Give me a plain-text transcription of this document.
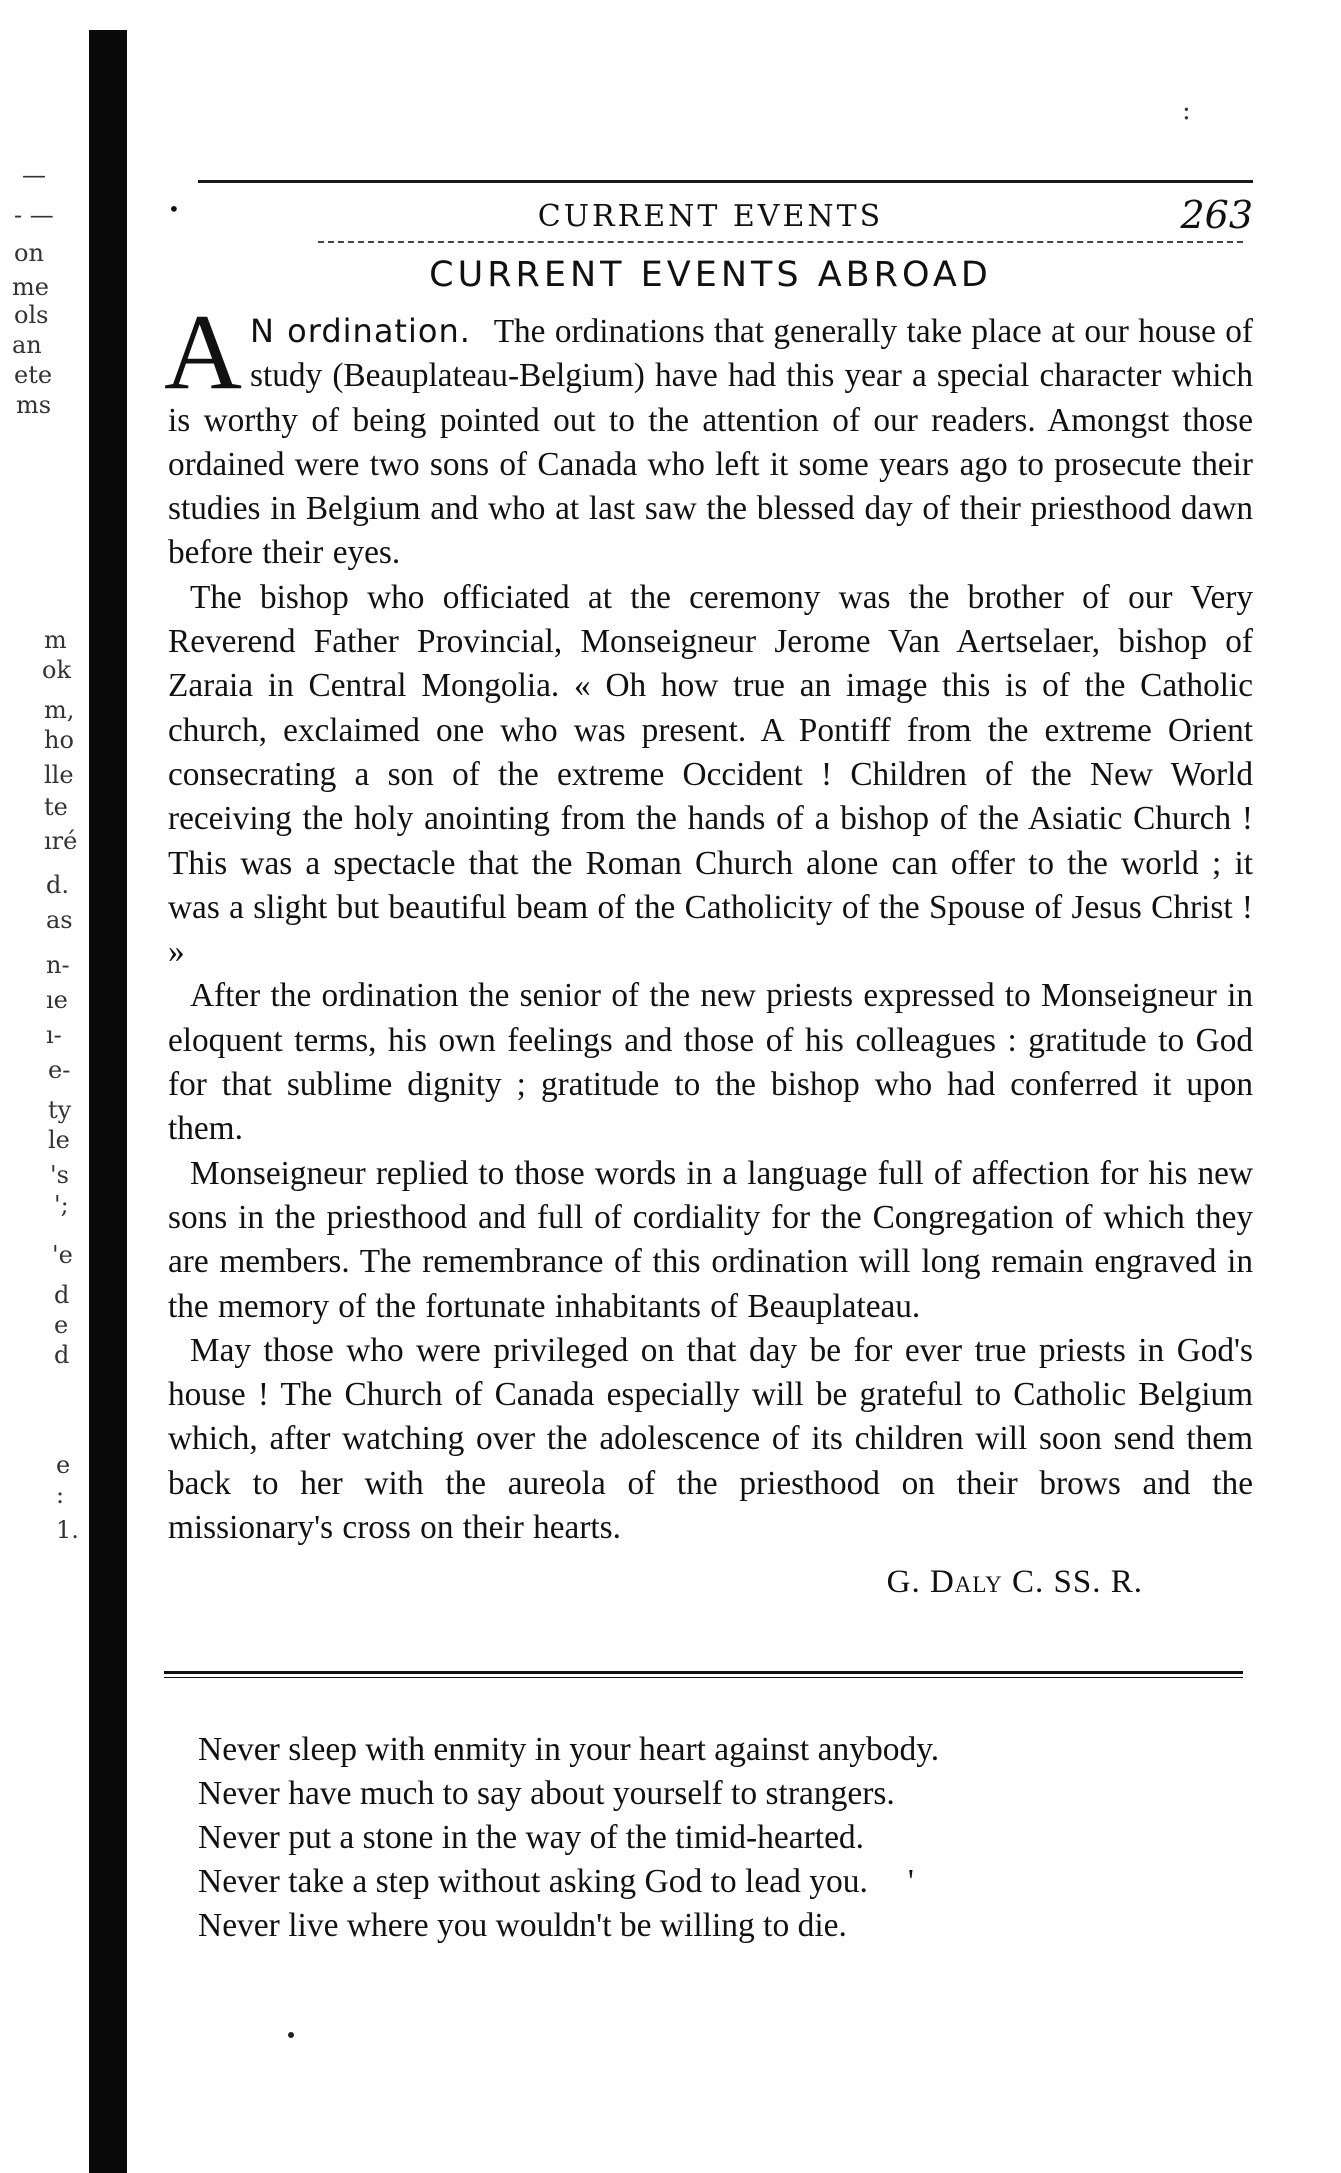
—
- —
on
me
ols
an
ete
ms
m
ok
m,
ho
lle
te
ıré
d.
as
n-
ıe
ı-
e-
ty
le
's
';
'e
d
e
d
e
:
1.
:
•	CURRENT EVENTS	263
CURRENT EVENTS ABROAD

A N ordination. The ordinations that generally take place at our house of study (Beauplateau-Belgium) have had this year a special character which is worthy of being pointed out to the attention of our readers. Amongst those ordained were two sons of Canada who left it some years ago to prosecute their studies in Belgium and who at last saw the blessed day of their priesthood dawn before their eyes.

The bishop who officiated at the ceremony was the brother of our Very Reverend Father Provincial, Monseigneur Jerome Van Aertselaer, bishop of Zaraia in Central Mongolia. « Oh how true an image this is of the Catholic church, exclaimed one who was present. A Pontiff from the extreme Orient consecrating a son of the extreme Occident ! Children of the New World receiving the holy anointing from the hands of a bishop of the Asiatic Church ! This was a spectacle that the Roman Church alone can offer to the world ; it was a slight but beautiful beam of the Catholicity of the Spouse of Jesus Christ ! »

After the ordination the senior of the new priests expressed to Monseigneur in eloquent terms, his own feelings and those of his colleagues : gratitude to God for that sublime dignity ; gratitude to the bishop who had conferred it upon them.

Monseigneur replied to those words in a language full of affection for his new sons in the priesthood and full of cordiality for the Congregation of which they are members. The remembrance of this ordination will long remain engraved in the memory of the fortunate inhabitants of Beauplateau.

May those who were privileged on that day be for ever true priests in God's house ! The Church of Canada especially will be grateful to Catholic Belgium which, after watching over the adolescence of its children will soon send them back to her with the aureola of the priesthood on their brows and the missionary's cross on their hearts.

G. Daly C. SS. R.
Never sleep with enmity in your heart against anybody.
Never have much to say about yourself to strangers.
Never put a stone in the way of the timid-hearted.
Never take a step without asking God to lead you. '
Never live where you wouldn't be willing to die.
